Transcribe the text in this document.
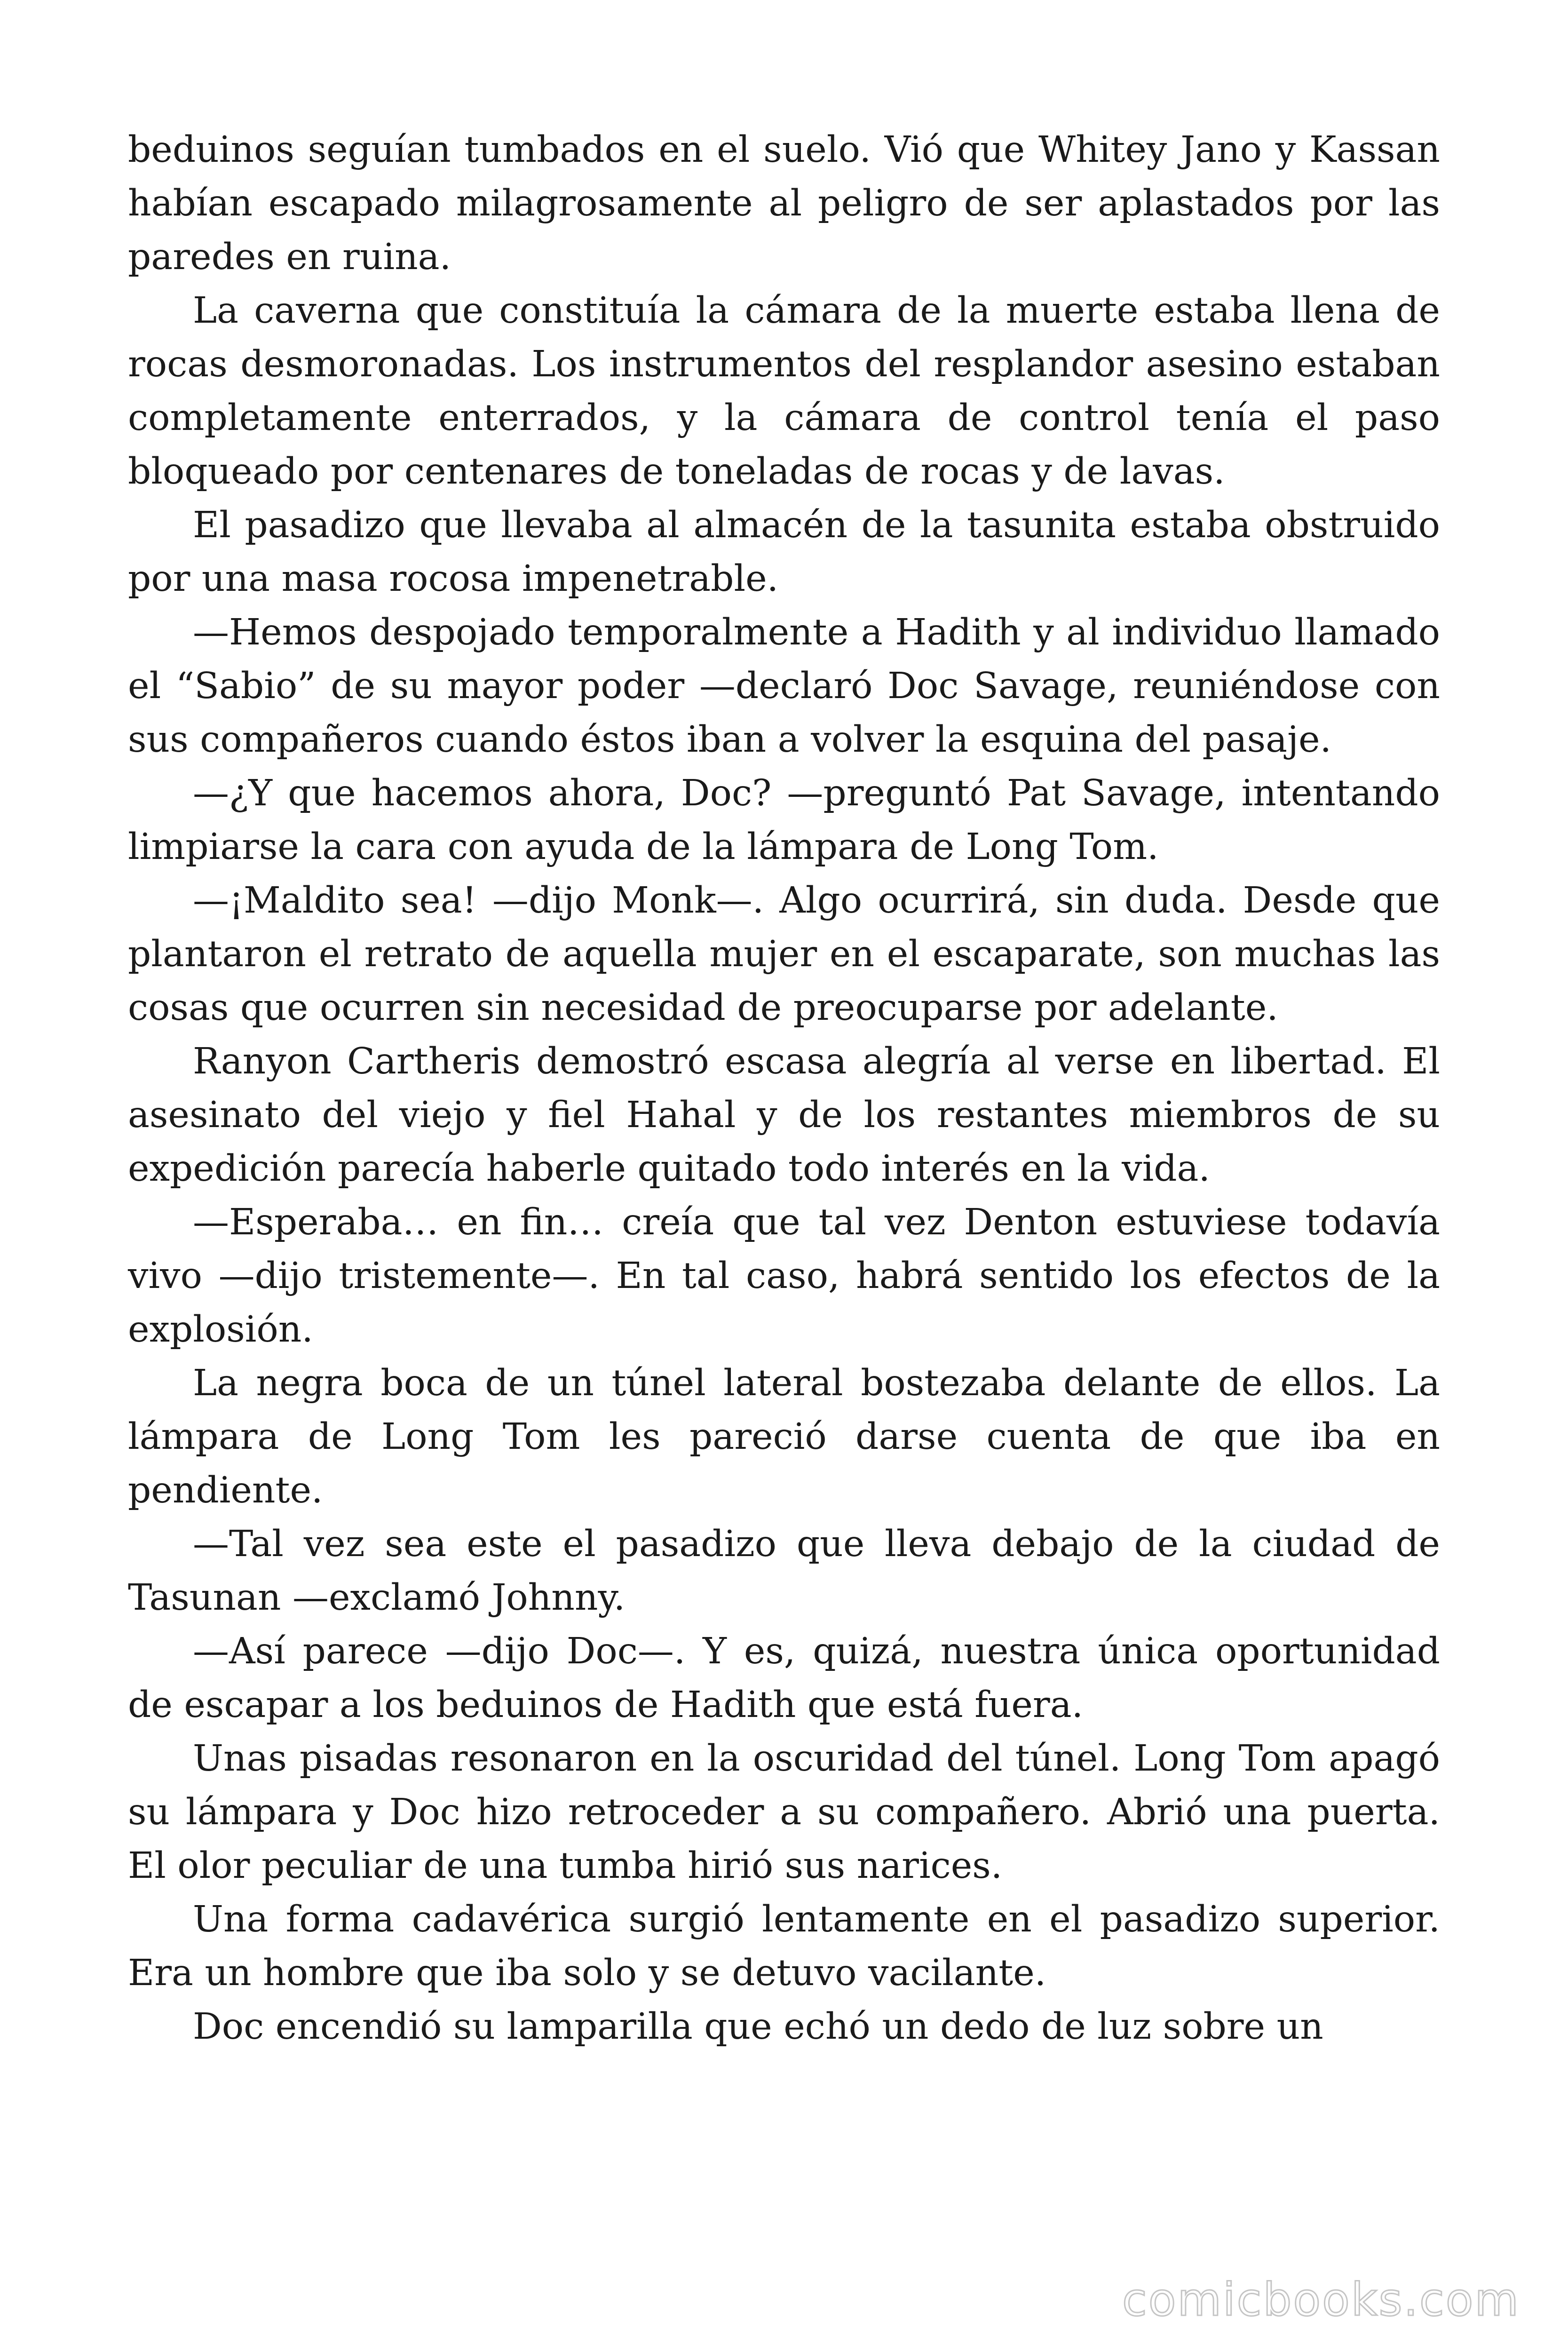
beduinos seguían tumbados en el suelo. Vió que Whitey Jano y Kassan habían escapado milagrosamente al peligro de ser aplastados por las paredes en ruina.

La caverna que constituía la cámara de la muerte estaba llena de rocas desmoronadas. Los instrumentos del resplandor asesino estaban completamente enterrados, y la cámara de control tenía el paso bloqueado por centenares de toneladas de rocas y de lavas.

El pasadizo que llevaba al almacén de la tasunita estaba obstruido por una masa rocosa impenetrable.

—Hemos despojado temporalmente a Hadith y al individuo llamado el “Sabio” de su mayor poder —declaró Doc Savage, reuniéndose con sus compañeros cuando éstos iban a volver la esquina del pasaje.

—¿Y que hacemos ahora, Doc? —preguntó Pat Savage, intentando limpiarse la cara con ayuda de la lámpara de Long Tom.

—¡Maldito sea! —dijo Monk—. Algo ocurrirá, sin duda. Desde que plantaron el retrato de aquella mujer en el escaparate, son muchas las cosas que ocurren sin necesidad de preocuparse por adelante.

Ranyon Cartheris demostró escasa alegría al verse en libertad. El asesinato del viejo y fiel Hahal y de los restantes miembros de su expedición parecía haberle quitado todo interés en la vida.

—Esperaba… en fin… creía que tal vez Denton estuviese todavía vivo —dijo tristemente—. En tal caso, habrá sentido los efectos de la explosión.

La negra boca de un túnel lateral bostezaba delante de ellos. La lámpara de Long Tom les pareció darse cuenta de que iba en pendiente.

—Tal vez sea este el pasadizo que lleva debajo de la ciudad de Tasunan —exclamó Johnny.

—Así parece —dijo Doc—. Y es, quizá, nuestra única oportunidad de escapar a los beduinos de Hadith que está fuera.

Unas pisadas resonaron en la oscuridad del túnel. Long Tom apagó su lámpara y Doc hizo retroceder a su compañero. Abrió una puerta. El olor peculiar de una tumba hirió sus narices.

Una forma cadavérica surgió lentamente en el pasadizo superior. Era un hombre que iba solo y se detuvo vacilante.

Doc encendió su lamparilla que echó un dedo de luz sobre un

comicbooks.com
